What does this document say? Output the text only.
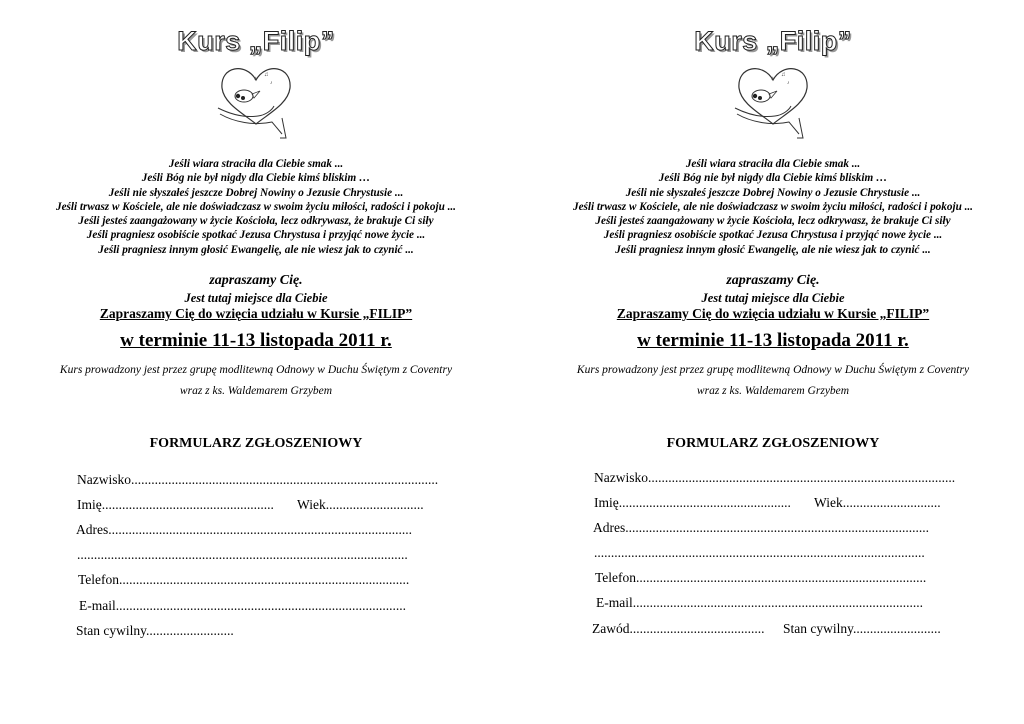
Kurs „Filip”
♪
♫
♪
Jeśli wiara straciła dla Ciebie smak ...
Jeśli Bóg nie był nigdy dla Ciebie kimś bliskim …
Jeśli nie słyszałeś jeszcze Dobrej Nowiny o Jezusie Chrystusie ...
Jeśli trwasz w Kościele, ale nie doświadczasz w swoim życiu miłości, radości i pokoju ...
Jeśli jesteś zaangażowany w życie Kościoła, lecz odkrywasz, że brakuje Ci siły
Jeśli pragniesz osobiście spotkać Jezusa Chrystusa i przyjąć nowe życie ...
Jeśli pragniesz innym głosić Ewangelię, ale nie wiesz jak to czynić ...
zapraszamy Cię.
Jest tutaj miejsce dla Ciebie
Zapraszamy Cię do wzięcia udziału w Kursie „FILIP”
w terminie 11-13 listopada 2011 r.
Kurs prowadzony jest przez grupę modlitewną Odnowy w Duchu Świętym z Coventry
wraz z ks. Waldemarem Grzybem
FORMULARZ ZGŁOSZENIOWY
Nazwisko...........................................................................................
Imię................................................... Wiek.............................
Adres..........................................................................................
..................................................................................................
Telefon......................................................................................
E-mail......................................................................................
Stan cywilny..........................
Kurs „Filip”
♪
♫
♪
Jeśli wiara straciła dla Ciebie smak ...
Jeśli Bóg nie był nigdy dla Ciebie kimś bliskim …
Jeśli nie słyszałeś jeszcze Dobrej Nowiny o Jezusie Chrystusie ...
Jeśli trwasz w Kościele, ale nie doświadczasz w swoim życiu miłości, radości i pokoju ...
Jeśli jesteś zaangażowany w życie Kościoła, lecz odkrywasz, że brakuje Ci siły
Jeśli pragniesz osobiście spotkać Jezusa Chrystusa i przyjąć nowe życie ...
Jeśli pragniesz innym głosić Ewangelię, ale nie wiesz jak to czynić ...
zapraszamy Cię.
Jest tutaj miejsce dla Ciebie
Zapraszamy Cię do wzięcia udziału w Kursie „FILIP”
w terminie 11-13 listopada 2011 r.
Kurs prowadzony jest przez grupę modlitewną Odnowy w Duchu Świętym z Coventry
wraz z ks. Waldemarem Grzybem
FORMULARZ ZGŁOSZENIOWY
Nazwisko...........................................................................................
Imię................................................... Wiek.............................
Adres..........................................................................................
..................................................................................................
Telefon......................................................................................
E-mail......................................................................................
Zawód........................................ Stan cywilny..........................
